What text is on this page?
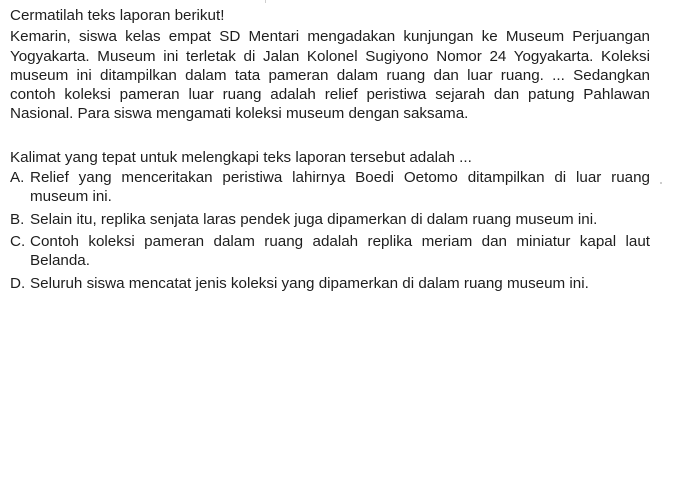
Cermatilah teks laporan berikut!

Kemarin, siswa kelas empat SD Mentari mengadakan kunjungan ke Museum Perjuangan Yogyakarta. Museum ini terletak di Jalan Kolonel Sugiyono Nomor 24 Yogyakarta. Koleksi museum ini ditampilkan dalam tata pameran dalam ruang dan luar ruang. ... Sedangkan contoh koleksi pameran luar ruang adalah relief peristiwa sejarah dan patung Pahlawan Nasional. Para siswa mengamati koleksi museum dengan saksama.

Kalimat yang tepat untuk melengkapi teks laporan tersebut adalah ...

A. Relief yang menceritakan peristiwa lahirnya Boedi Oetomo ditampilkan di luar ruang museum ini.
B. Selain itu, replika senjata laras pendek juga dipamerkan di dalam ruang museum ini.
C. Contoh koleksi pameran dalam ruang adalah replika meriam dan miniatur kapal laut Belanda.
D. Seluruh siswa mencatat jenis koleksi yang dipamerkan di dalam ruang museum ini.
